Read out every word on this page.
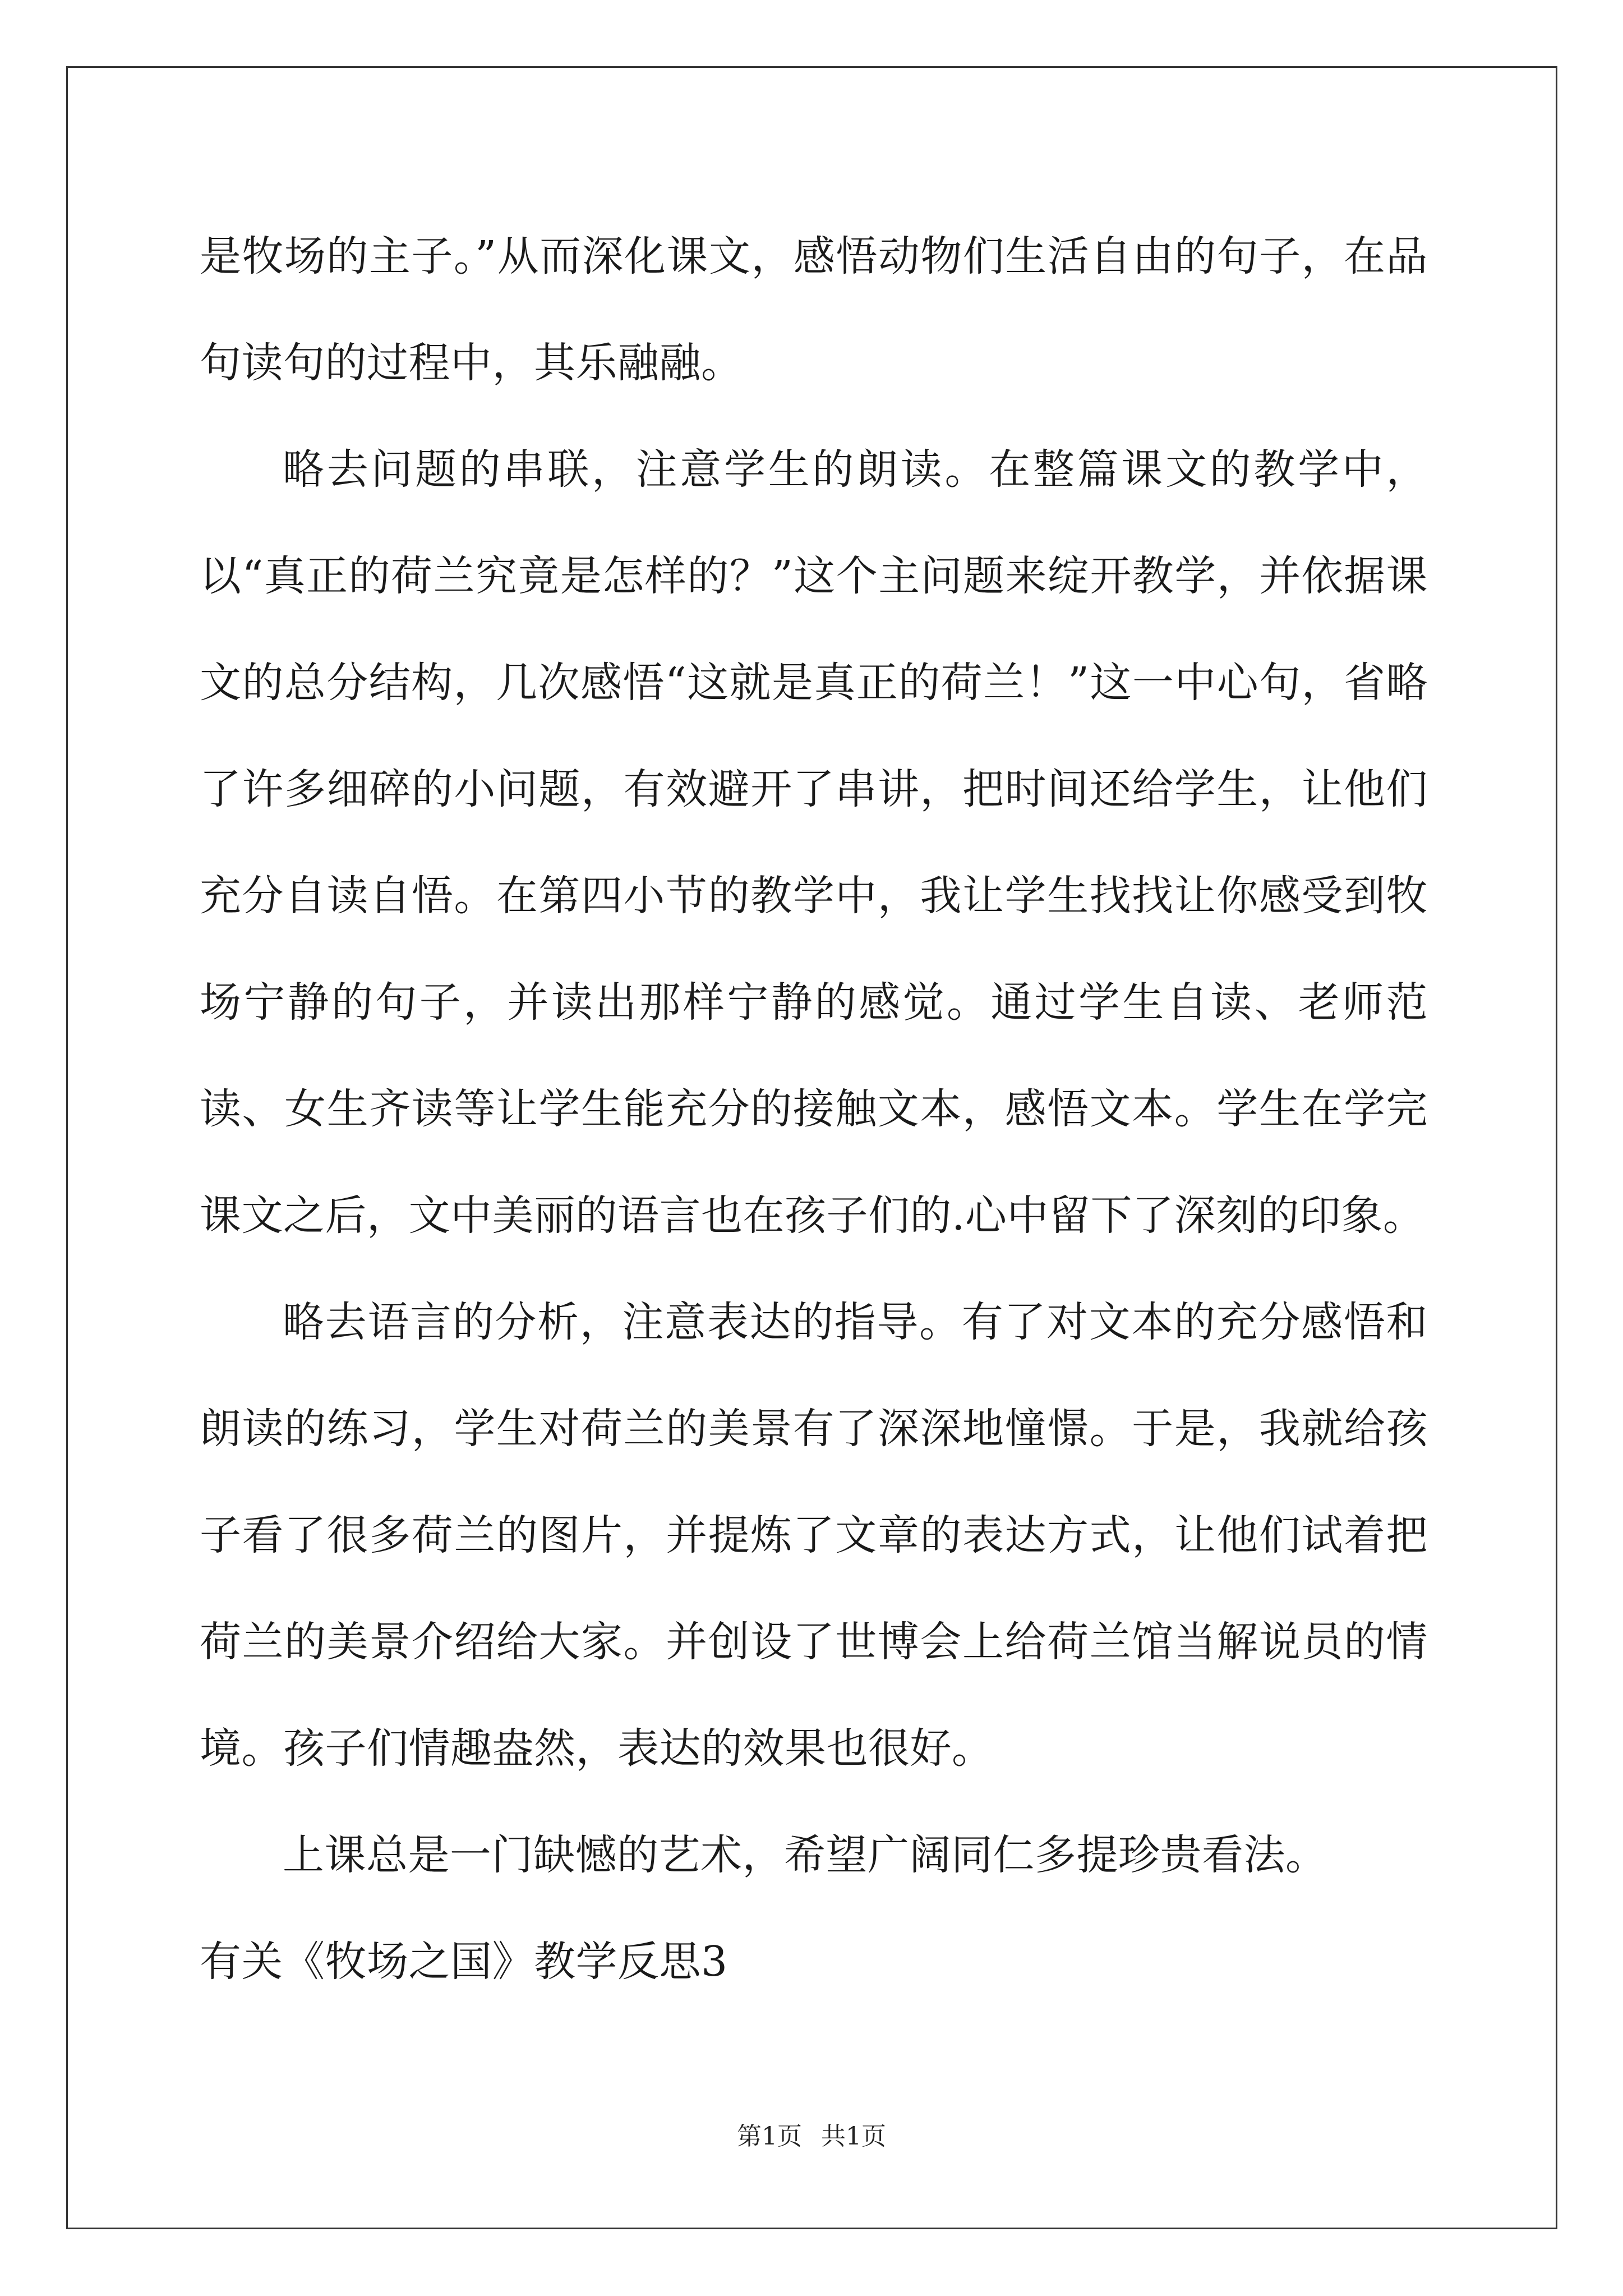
是牧场的主子。”从而深化课文，感悟动物们生活自由的句子，在品句读句的过程中，其乐融融。

略去问题的串联，注意学生的朗读。在整篇课文的教学中，以“真正的荷兰究竟是怎样的？”这个主问题来绽开教学，并依据课文的总分结构，几次感悟“这就是真正的荷兰！”这一中心句，省略了许多细碎的小问题，有效避开了串讲，把时间还给学生，让他们充分自读自悟。在第四小节的教学中，我让学生找找让你感受到牧场宁静的句子，并读出那样宁静的感觉。通过学生自读、老师范读、女生齐读等让学生能充分的接触文本，感悟文本。学生在学完课文之后，文中美丽的语言也在孩子们的.心中留下了深刻的印象。

略去语言的分析，注意表达的指导。有了对文本的充分感悟和朗读的练习，学生对荷兰的美景有了深深地憧憬。于是，我就给孩子看了很多荷兰的图片，并提炼了文章的表达方式，让他们试着把荷兰的美景介绍给大家。并创设了世博会上给荷兰馆当解说员的情境。孩子们情趣盎然，表达的效果也很好。

上课总是一门缺憾的艺术，希望广阔同仁多提珍贵看法。

有关《牧场之国》教学反思3

第1页 共1页
